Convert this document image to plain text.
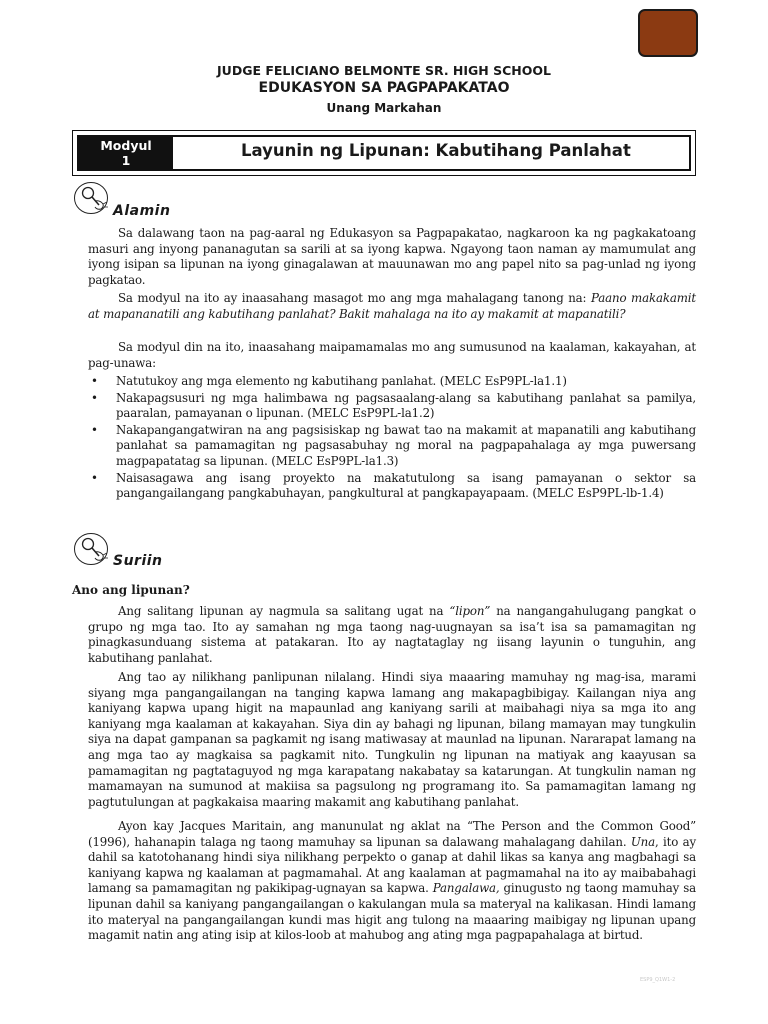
JUDGE FELICIANO BELMONTE SR. HIGH SCHOOL
EDUKASYON SA PAGPAPAKATAO
Unang Markahan
Modyul
1
Layunin ng Lipunan: Kabutihang Panlahat
Alamin

Sa dalawang taon na pag-aaral ng Edukasyon sa Pagpapakatao, nagkaroon ka ng pagkakatoang masuri ang inyong pananagutan sa sarili at sa iyong kapwa. Ngayong taon naman ay mamumulat ang iyong isipan sa lipunan na iyong ginagalawan at mauunawan mo ang papel nito sa pag-unlad ng iyong pagkatao.

Sa modyul na ito ay inaasahang masagot mo ang mga mahalagang tanong na: Paano makakamit at mapananatili ang kabutihang panlahat? Bakit mahalaga na ito ay makamit at mapanatili?

Sa modyul din na ito, inaasahang maipamamalas mo ang sumusunod na kaalaman, kakayahan, at pag-unawa:

• Natutukoy ang mga elemento ng kabutihang panlahat. (MELC EsP9PL-la1.1)
• Nakapagsusuri ng mga halimbawa ng pagsasaalang-alang sa kabutihang panlahat sa pamilya, paaralan, pamayanan o lipunan. (MELC EsP9PL-la1.2)
• Nakapangangatwiran na ang pagsisiskap ng bawat tao na makamit at mapanatili ang kabutihang panlahat sa pamamagitan ng pagsasabuhay ng moral na pagpapahalaga ay mga puwersang magpapatatag sa lipunan. (MELC EsP9PL-la1.3)
• Naisasagawa ang isang proyekto na makatutulong sa isang pamayanan o sektor sa pangangailangang pangkabuhayan, pangkultural at pangkapayapaam. (MELC EsP9PL-lb-1.4)
Suriin
Ano ang lipunan?

Ang salitang lipunan ay nagmula sa salitang ugat na “lipon” na nangangahulugang pangkat o grupo ng mga tao. Ito ay samahan ng mga taong nag-uugnayan sa isa’t isa sa pamamagitan ng pinagkasunduang sistema at patakaran. Ito ay nagtataglay ng iisang layunin o tunguhin, ang kabutihang panlahat.

Ang tao ay nilikhang panlipunan nilalang. Hindi siya maaaring mamuhay ng mag-isa, marami siyang mga pangangailangan na tanging kapwa lamang ang makapagbibigay. Kailangan niya ang kaniyang kapwa upang higit na mapaunlad ang kaniyang sarili at maibahagi niya sa mga ito ang kaniyang mga kaalaman at kakayahan. Siya din ay bahagi ng lipunan, bilang mamayan may tungkulin siya na dapat gampanan sa pagkamit ng isang matiwasay at maunlad na lipunan. Nararapat lamang na ang mga tao ay magkaisa sa pagkamit nito. Tungkulin ng lipunan na matiyak ang kaayusan sa pamamagitan ng pagtataguyod ng mga karapatang nakabatay sa katarungan. At tungkulin naman ng mamamayan na sumunod at makiisa sa pagsulong ng programang ito. Sa pamamagitan lamang ng pagtutulungan at pagkakaisa maaring makamit ang kabutihang panlahat.

Ayon kay Jacques Maritain, ang manunulat ng aklat na “The Person and the Common Good” (1996), hahanapin talaga ng taong mamuhay sa lipunan sa dalawang mahalagang dahilan. Una, ito ay dahil sa katotohanang hindi siya nilikhang perpekto o ganap at dahil likas sa kanya ang magbahagi sa kaniyang kapwa ng kaalaman at pagmamahal. At ang kaalaman at pagmamahal na ito ay maibabahagi lamang sa pamamagitan ng pakikipag-ugnayan sa kapwa. Pangalawa, ginugusto ng taong mamuhay sa lipunan dahil sa kaniyang pangangailangan o kakulangan mula sa materyal na kalikasan. Hindi lamang ito materyal na pangangailangan kundi mas higit ang tulong na maaaring maibigay ng lipunan upang magamit natin ang ating isip at kilos-loob at mahubog ang ating mga pagpapahalaga at birtud.

ESP9_Q1W1-2
